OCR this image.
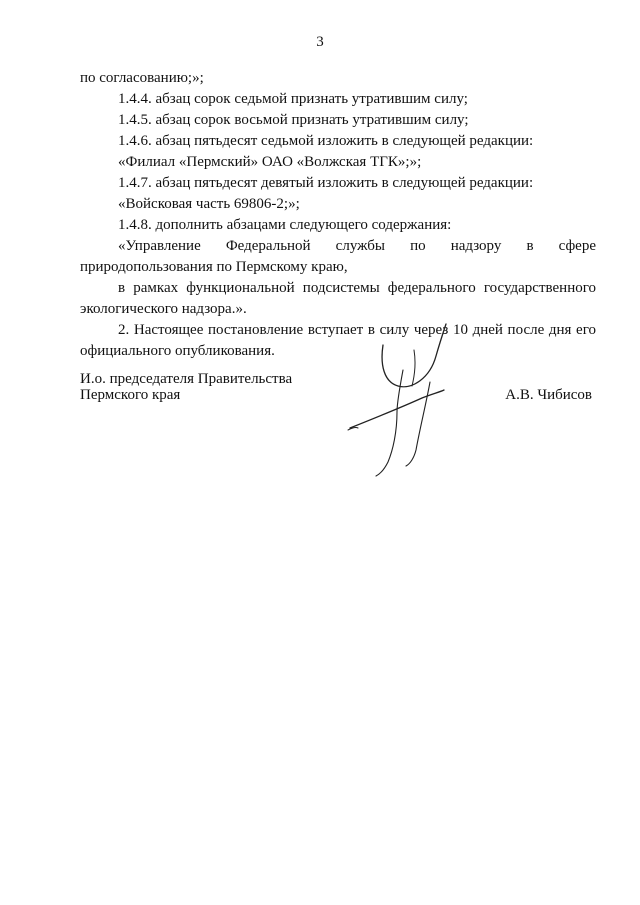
3

по согласованию;»;

1.4.4. абзац сорок седьмой признать утратившим силу;

1.4.5. абзац сорок восьмой признать утратившим силу;

1.4.6. абзац пятьдесят седьмой изложить в следующей редакции:

«Филиал «Пермский» ОАО «Волжская ТГК»;»;

1.4.7. абзац пятьдесят девятый изложить в следующей редакции:

«Войсковая часть 69806-2;»;

1.4.8. дополнить абзацами следующего содержания:

«Управление Федеральной службы по надзору в сфере природопользования по Пермскому краю,

в рамках функциональной подсистемы федерального государственного экологического надзора.».

2. Настоящее постановление вступает в силу через 10 дней после дня его официального опубликования.

И.о. председателя Правительства
Пермского края	А.В. Чибисов
